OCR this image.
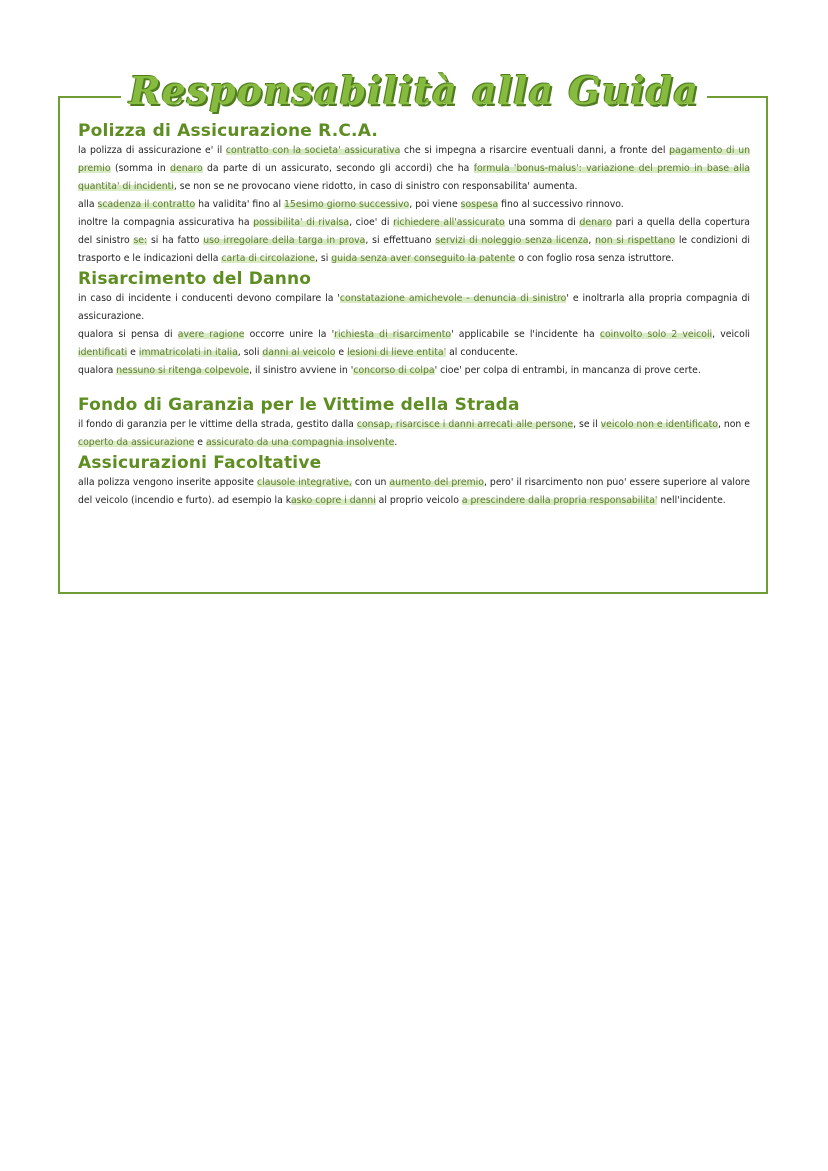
Responsabilità alla Guida
Polizza di Assicurazione R.C.A.

la polizza di assicurazione e' il contratto con la societa' assicurativa che si impegna a risarcire eventuali danni, a fronte del pagamento di un premio (somma in denaro da parte di un assicurato, secondo gli accordi) che ha formula 'bonus-malus': variazione del premio in base alla quantita' di incidenti, se non se ne provocano viene ridotto, in caso di sinistro con responsabilita' aumenta.

alla scadenza il contratto ha validita' fino al 15esimo giorno successivo, poi viene sospesa fino al successivo rinnovo.

inoltre la compagnia assicurativa ha possibilita' di rivalsa, cioe' di richiedere all'assicurato una somma di denaro pari a quella della copertura del sinistro se: si ha fatto uso irregolare della targa in prova, si effettuano servizi di noleggio senza licenza, non si rispettano le condizioni di trasporto e le indicazioni della carta di circolazione, si guida senza aver conseguito la patente o con foglio rosa senza istruttore.

Risarcimento del Danno

in caso di incidente i conducenti devono compilare la 'constatazione amichevole - denuncia di sinistro' e inoltrarla alla propria compagnia di assicurazione.

qualora si pensa di avere ragione occorre unire la 'richiesta di risarcimento' applicabile se l'incidente ha coinvolto solo 2 veicoli, veicoli identificati e immatricolati in italia, soli danni al veicolo e lesioni di lieve entita' al conducente.

qualora nessuno si ritenga colpevole, il sinistro avviene in 'concorso di colpa' cioe' per colpa di entrambi, in mancanza di prove certe.

Fondo di Garanzia per le Vittime della Strada

il fondo di garanzia per le vittime della strada, gestito dalla consap, risarcisce i danni arrecati alle persone, se il veicolo non e identificato, non e coperto da assicurazione e assicurato da una compagnia insolvente.

Assicurazioni Facoltative

alla polizza vengono inserite apposite clausole integrative, con un aumento del premio, pero' il risarcimento non puo' essere superiore al valore del veicolo (incendio e furto). ad esempio la kasko copre i danni al proprio veicolo a prescindere dalla propria responsabilita' nell'incidente.
